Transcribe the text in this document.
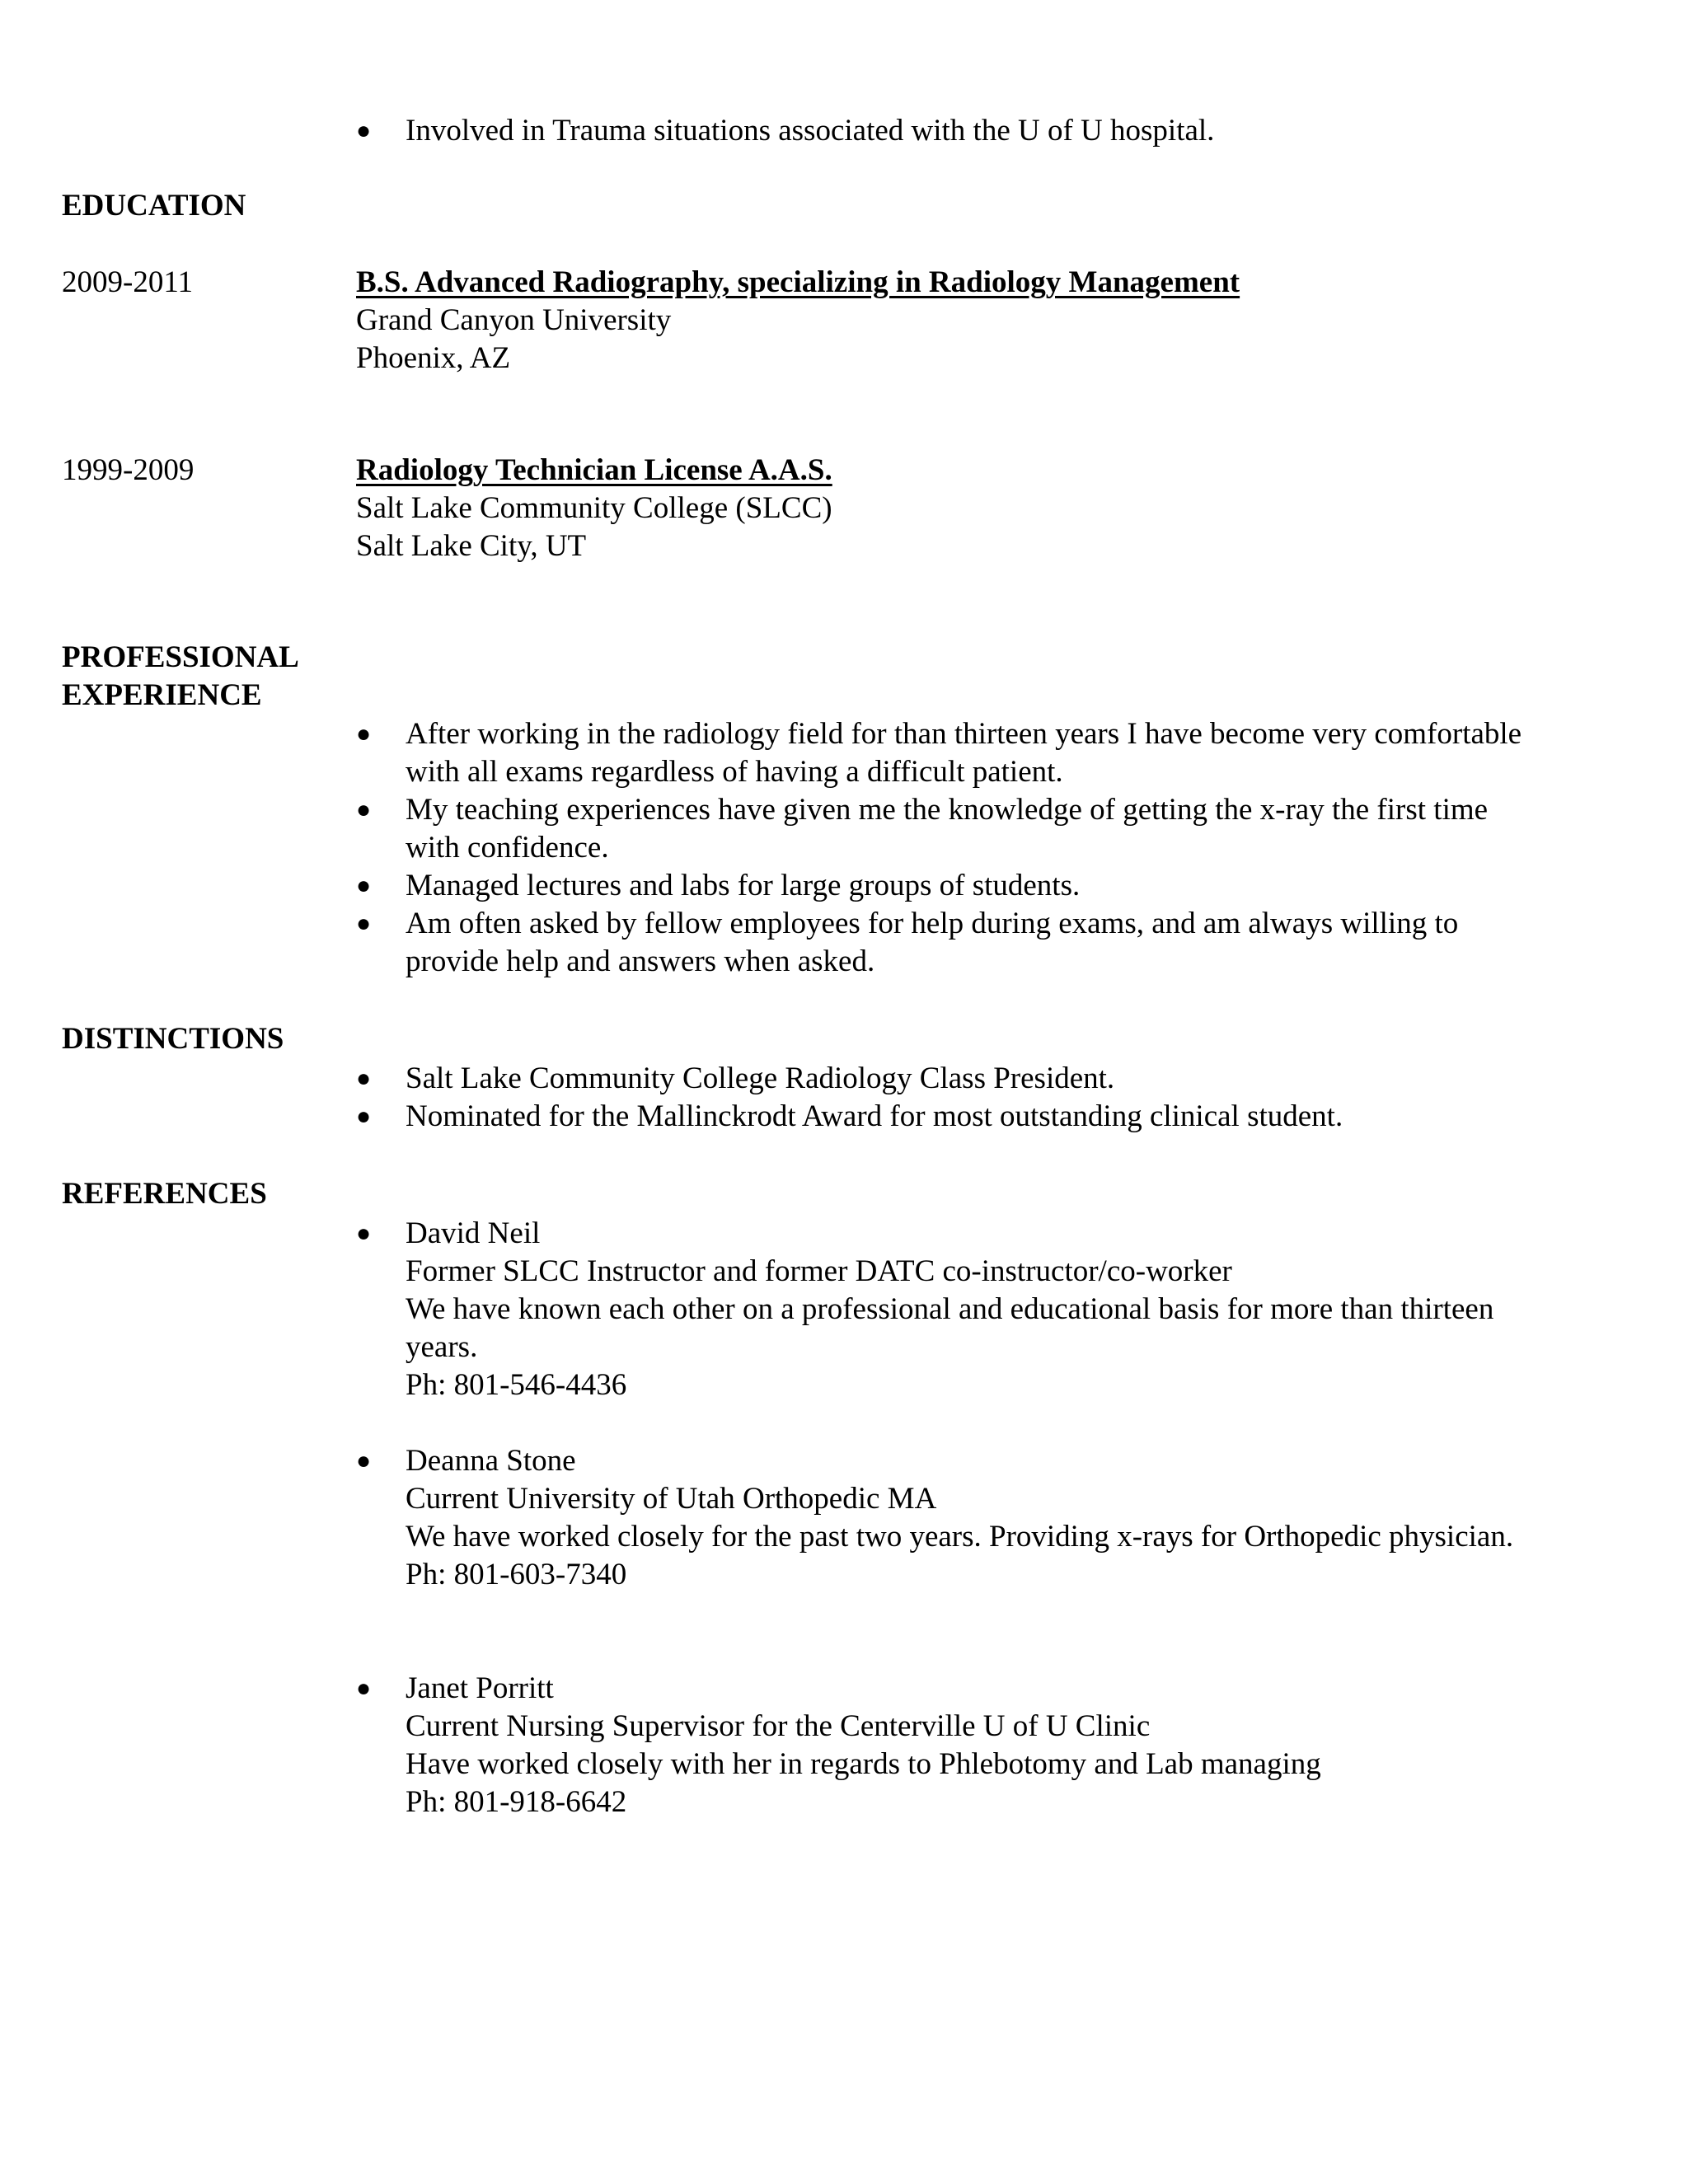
● Involved in Trauma situations associated with the U of U hospital.
EDUCATION
2009-2011	B.S. Advanced Radiography, specializing in Radiology Management
Grand Canyon University
Phoenix, AZ
1999-2009	Radiology Technician License A.A.S.
Salt Lake Community College (SLCC)
Salt Lake City, UT
PROFESSIONAL
EXPERIENCE
● After working in the radiology field for than thirteen years I have become very comfortable with all exams regardless of having a difficult patient.
● My teaching experiences have given me the knowledge of getting the x-ray the first time with confidence.
● Managed lectures and labs for large groups of students.
● Am often asked by fellow employees for help during exams, and am always willing to provide help and answers when asked.
DISTINCTIONS
● Salt Lake Community College Radiology Class President.
● Nominated for the Mallinckrodt Award for most outstanding clinical student.
REFERENCES
● David Neil
Former SLCC Instructor and former DATC co-instructor/co-worker
We have known each other on a professional and educational basis for more than thirteen years.
Ph: 801-546-4436
● Deanna Stone
Current University of Utah Orthopedic MA
We have worked closely for the past two years. Providing x-rays for Orthopedic physician.
Ph: 801-603-7340
● Janet Porritt
Current Nursing Supervisor for the Centerville U of U Clinic
Have worked closely with her in regards to Phlebotomy and Lab managing
Ph: 801-918-6642
